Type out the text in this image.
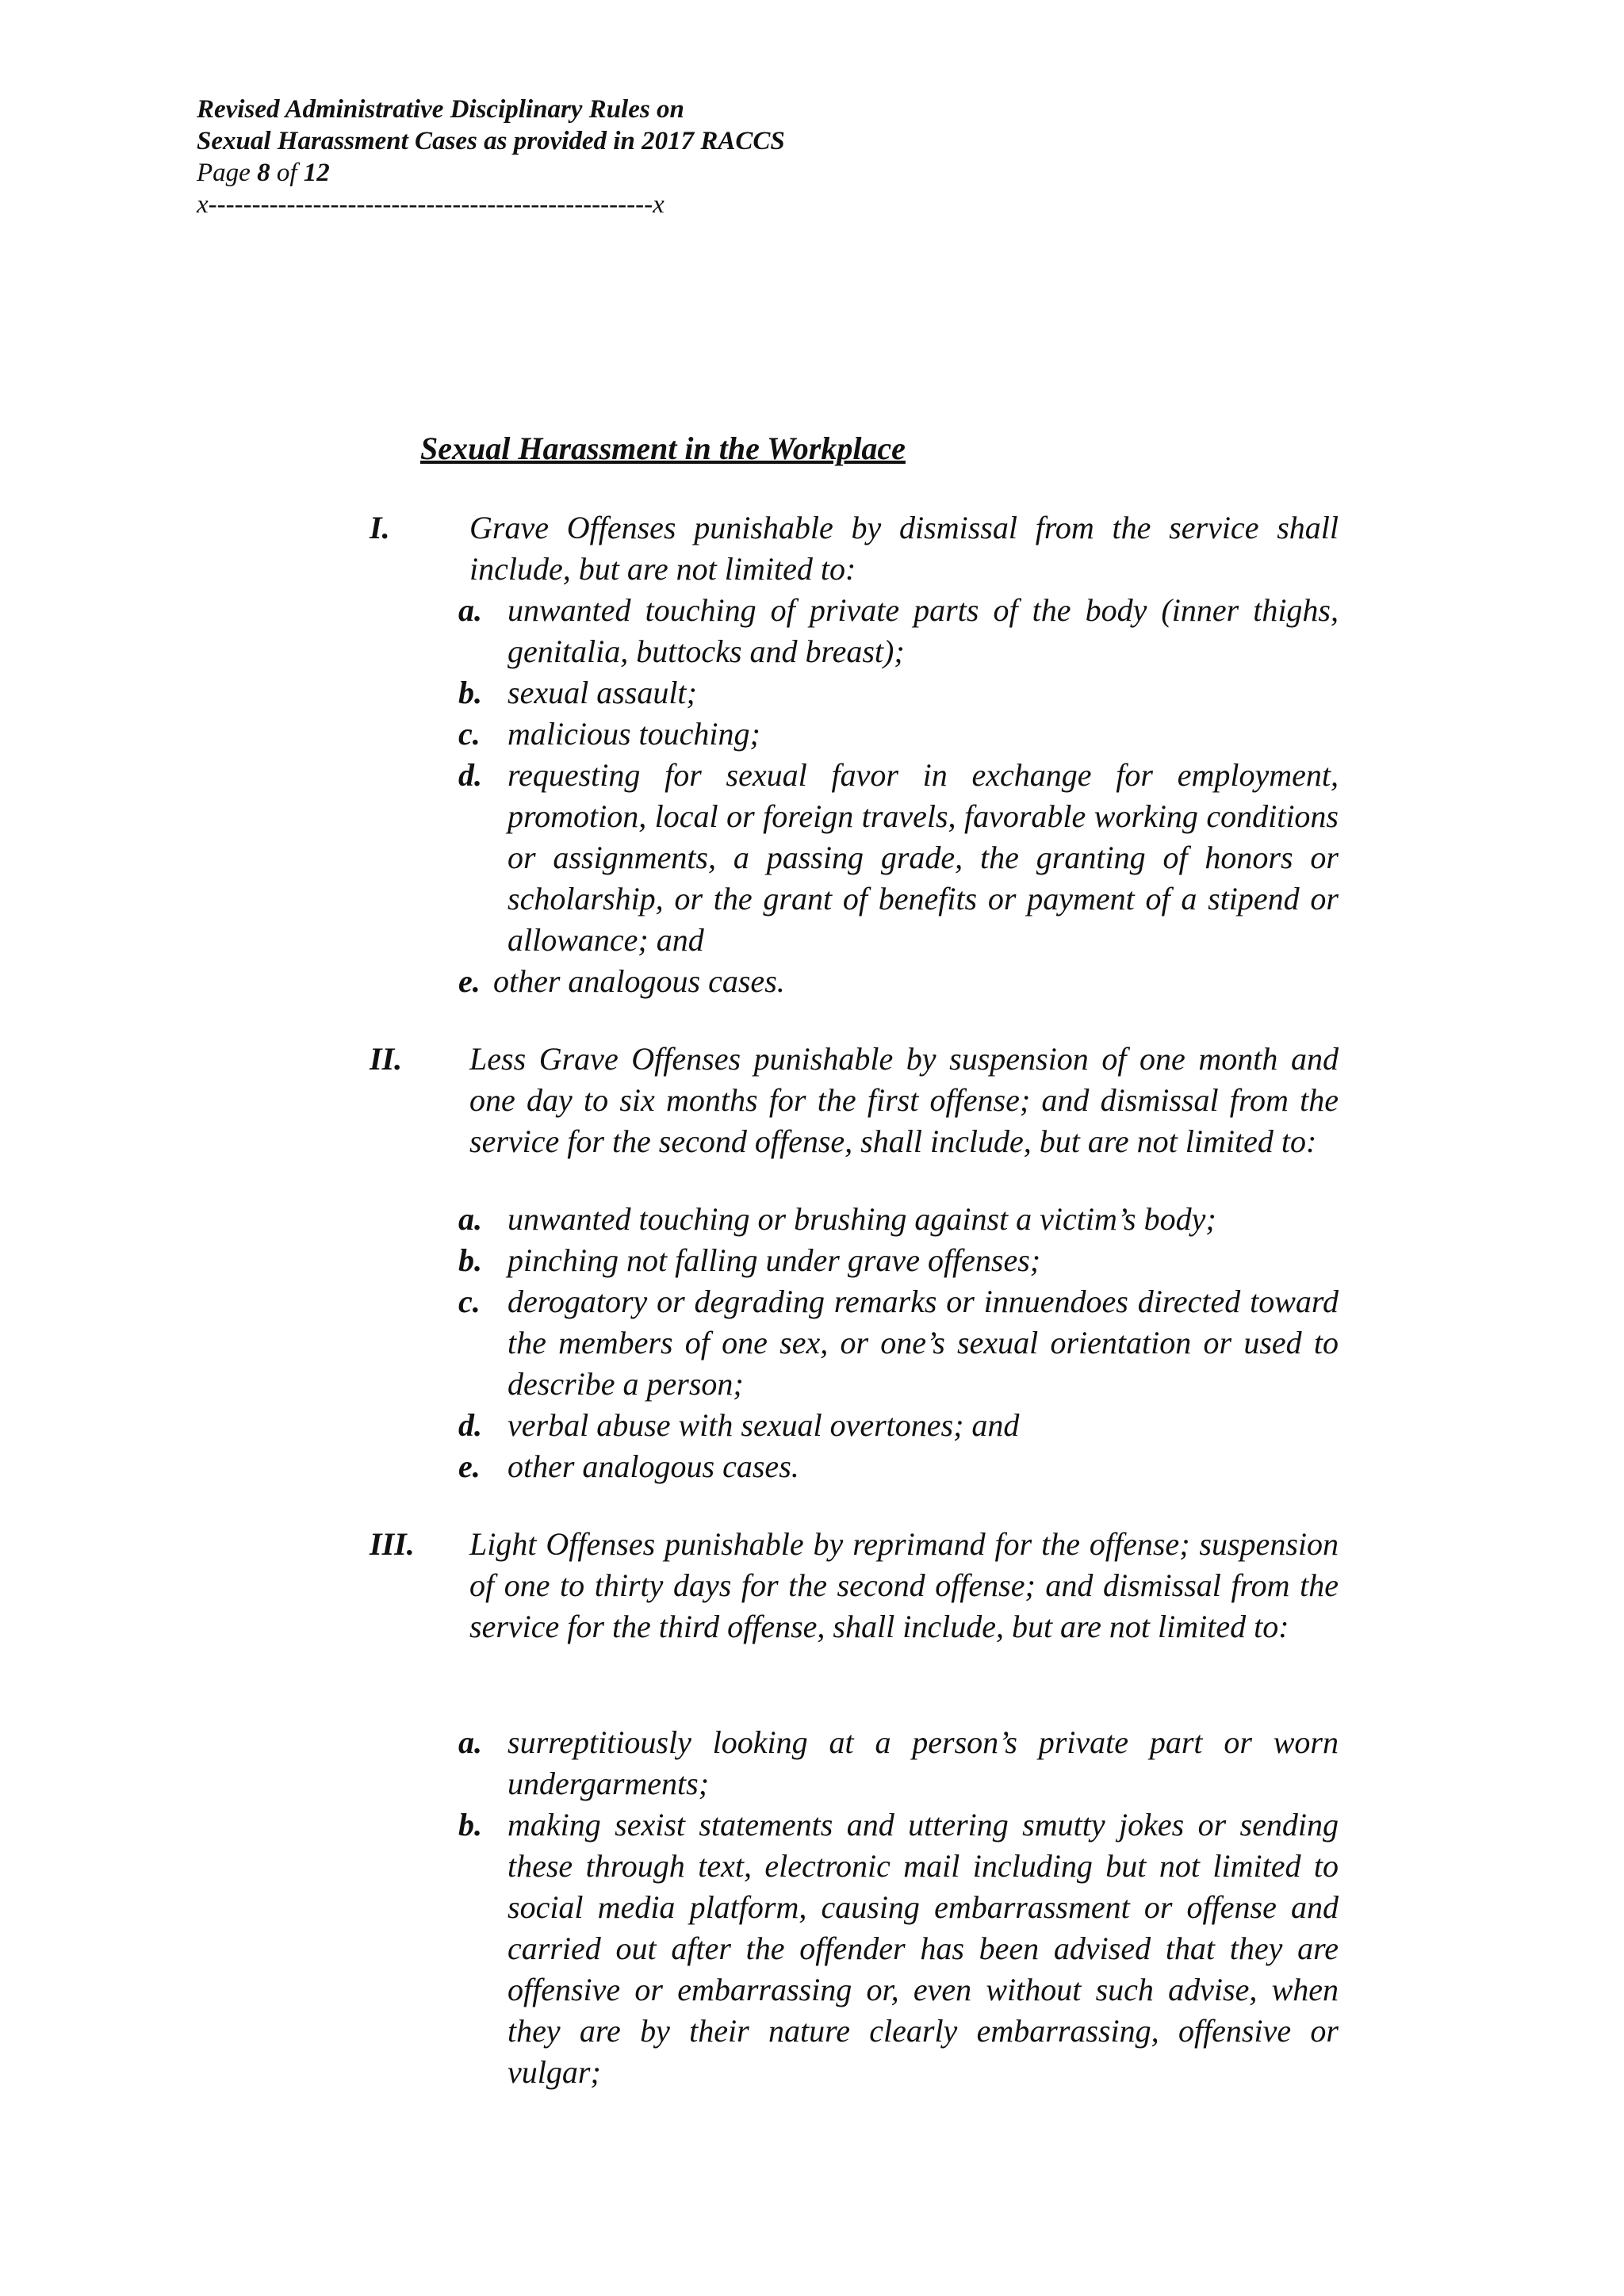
Revised Administrative Disciplinary Rules on
Sexual Harassment Cases as provided in 2017 RACCS
Page 8 of 12
x---------------------------------------------------x
Sexual Harassment in the Workplace
I.	Grave Offenses punishable by dismissal from the service shall include, but are not limited to:
a. unwanted touching of private parts of the body (inner thighs, genitalia, buttocks and breast);
b. sexual assault;
c. malicious touching;
d. requesting for sexual favor in exchange for employment, promotion, local or foreign travels, favorable working conditions or assignments, a passing grade, the granting of honors or scholarship, or the grant of benefits or payment of a stipend or allowance; and
e. other analogous cases.
II. Less Grave Offenses punishable by suspension of one month and one day to six months for the first offense; and dismissal from the service for the second offense, shall include, but are not limited to:
a. unwanted touching or brushing against a victim’s body;
b. pinching not falling under grave offenses;
c. derogatory or degrading remarks or innuendoes directed toward the members of one sex, or one’s sexual orientation or used to describe a person;
d. verbal abuse with sexual overtones; and
e. other analogous cases.
III. Light Offenses punishable by reprimand for the offense; suspension of one to thirty days for the second offense; and dismissal from the service for the third offense, shall include, but are not limited to:
a. surreptitiously looking at a person’s private part or worn undergarments;
b. making sexist statements and uttering smutty jokes or sending these through text, electronic mail including but not limited to social media platform, causing embarrassment or offense and carried out after the offender has been advised that they are offensive or embarrassing or, even without such advise, when they are by their nature clearly embarrassing, offensive or vulgar;
